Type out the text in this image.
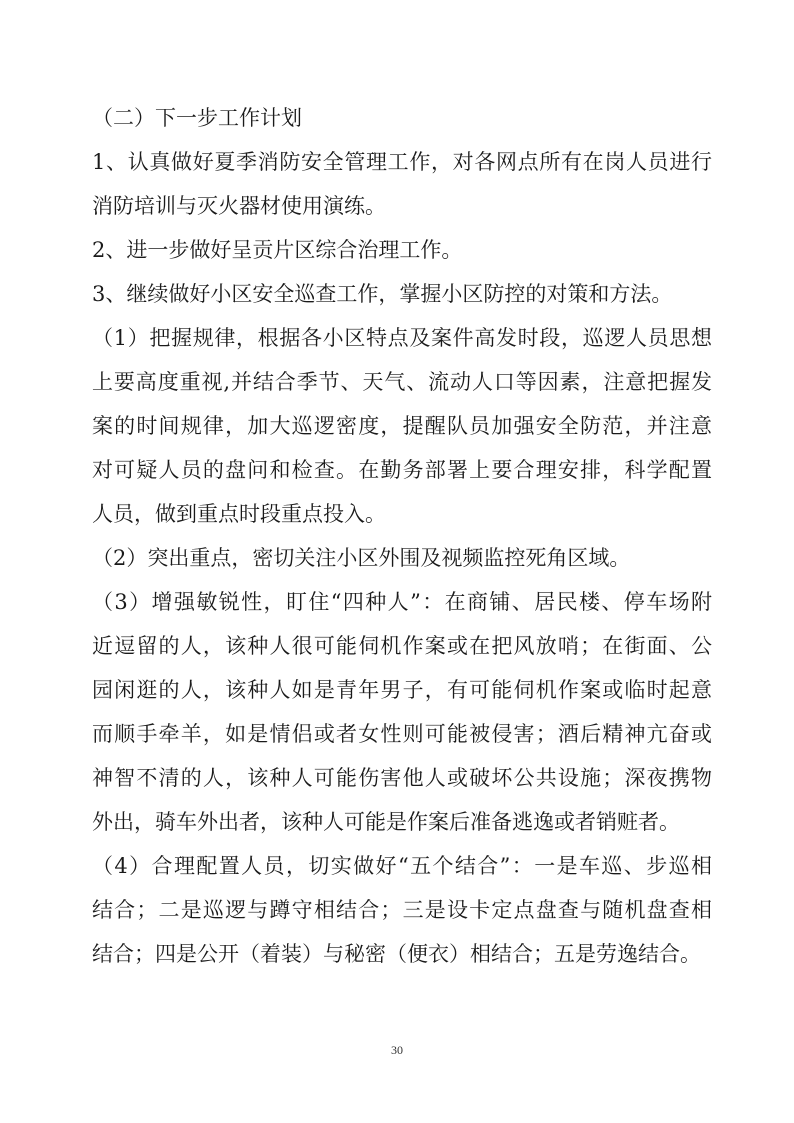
（二）下一步工作计划
1、认真做好夏季消防安全管理工作，对各网点所有在岗人员进行
消防培训与灭火器材使用演练。
2、进一步做好呈贡片区综合治理工作。
3、继续做好小区安全巡查工作，掌握小区防控的对策和方法。
（1）把握规律，根据各小区特点及案件高发时段，巡逻人员思想
上要高度重视,并结合季节、天气、流动人口等因素，注意把握发
案的时间规律，加大巡逻密度，提醒队员加强安全防范，并注意
对可疑人员的盘问和检查。在勤务部署上要合理安排，科学配置
人员，做到重点时段重点投入。
（2）突出重点，密切关注小区外围及视频监控死角区域。
（3）增强敏锐性，盯住“四种人”：在商铺、居民楼、停车场附
近逗留的人，该种人很可能伺机作案或在把风放哨；在街面、公
园闲逛的人，该种人如是青年男子，有可能伺机作案或临时起意
而顺手牵羊，如是情侣或者女性则可能被侵害；酒后精神亢奋或
神智不清的人，该种人可能伤害他人或破坏公共设施；深夜携物
外出，骑车外出者，该种人可能是作案后准备逃逸或者销赃者。
（4）合理配置人员，切实做好“五个结合”：一是车巡、步巡相
结合；二是巡逻与蹲守相结合；三是设卡定点盘查与随机盘查相
结合；四是公开（着装）与秘密（便衣）相结合；五是劳逸结合。
30
